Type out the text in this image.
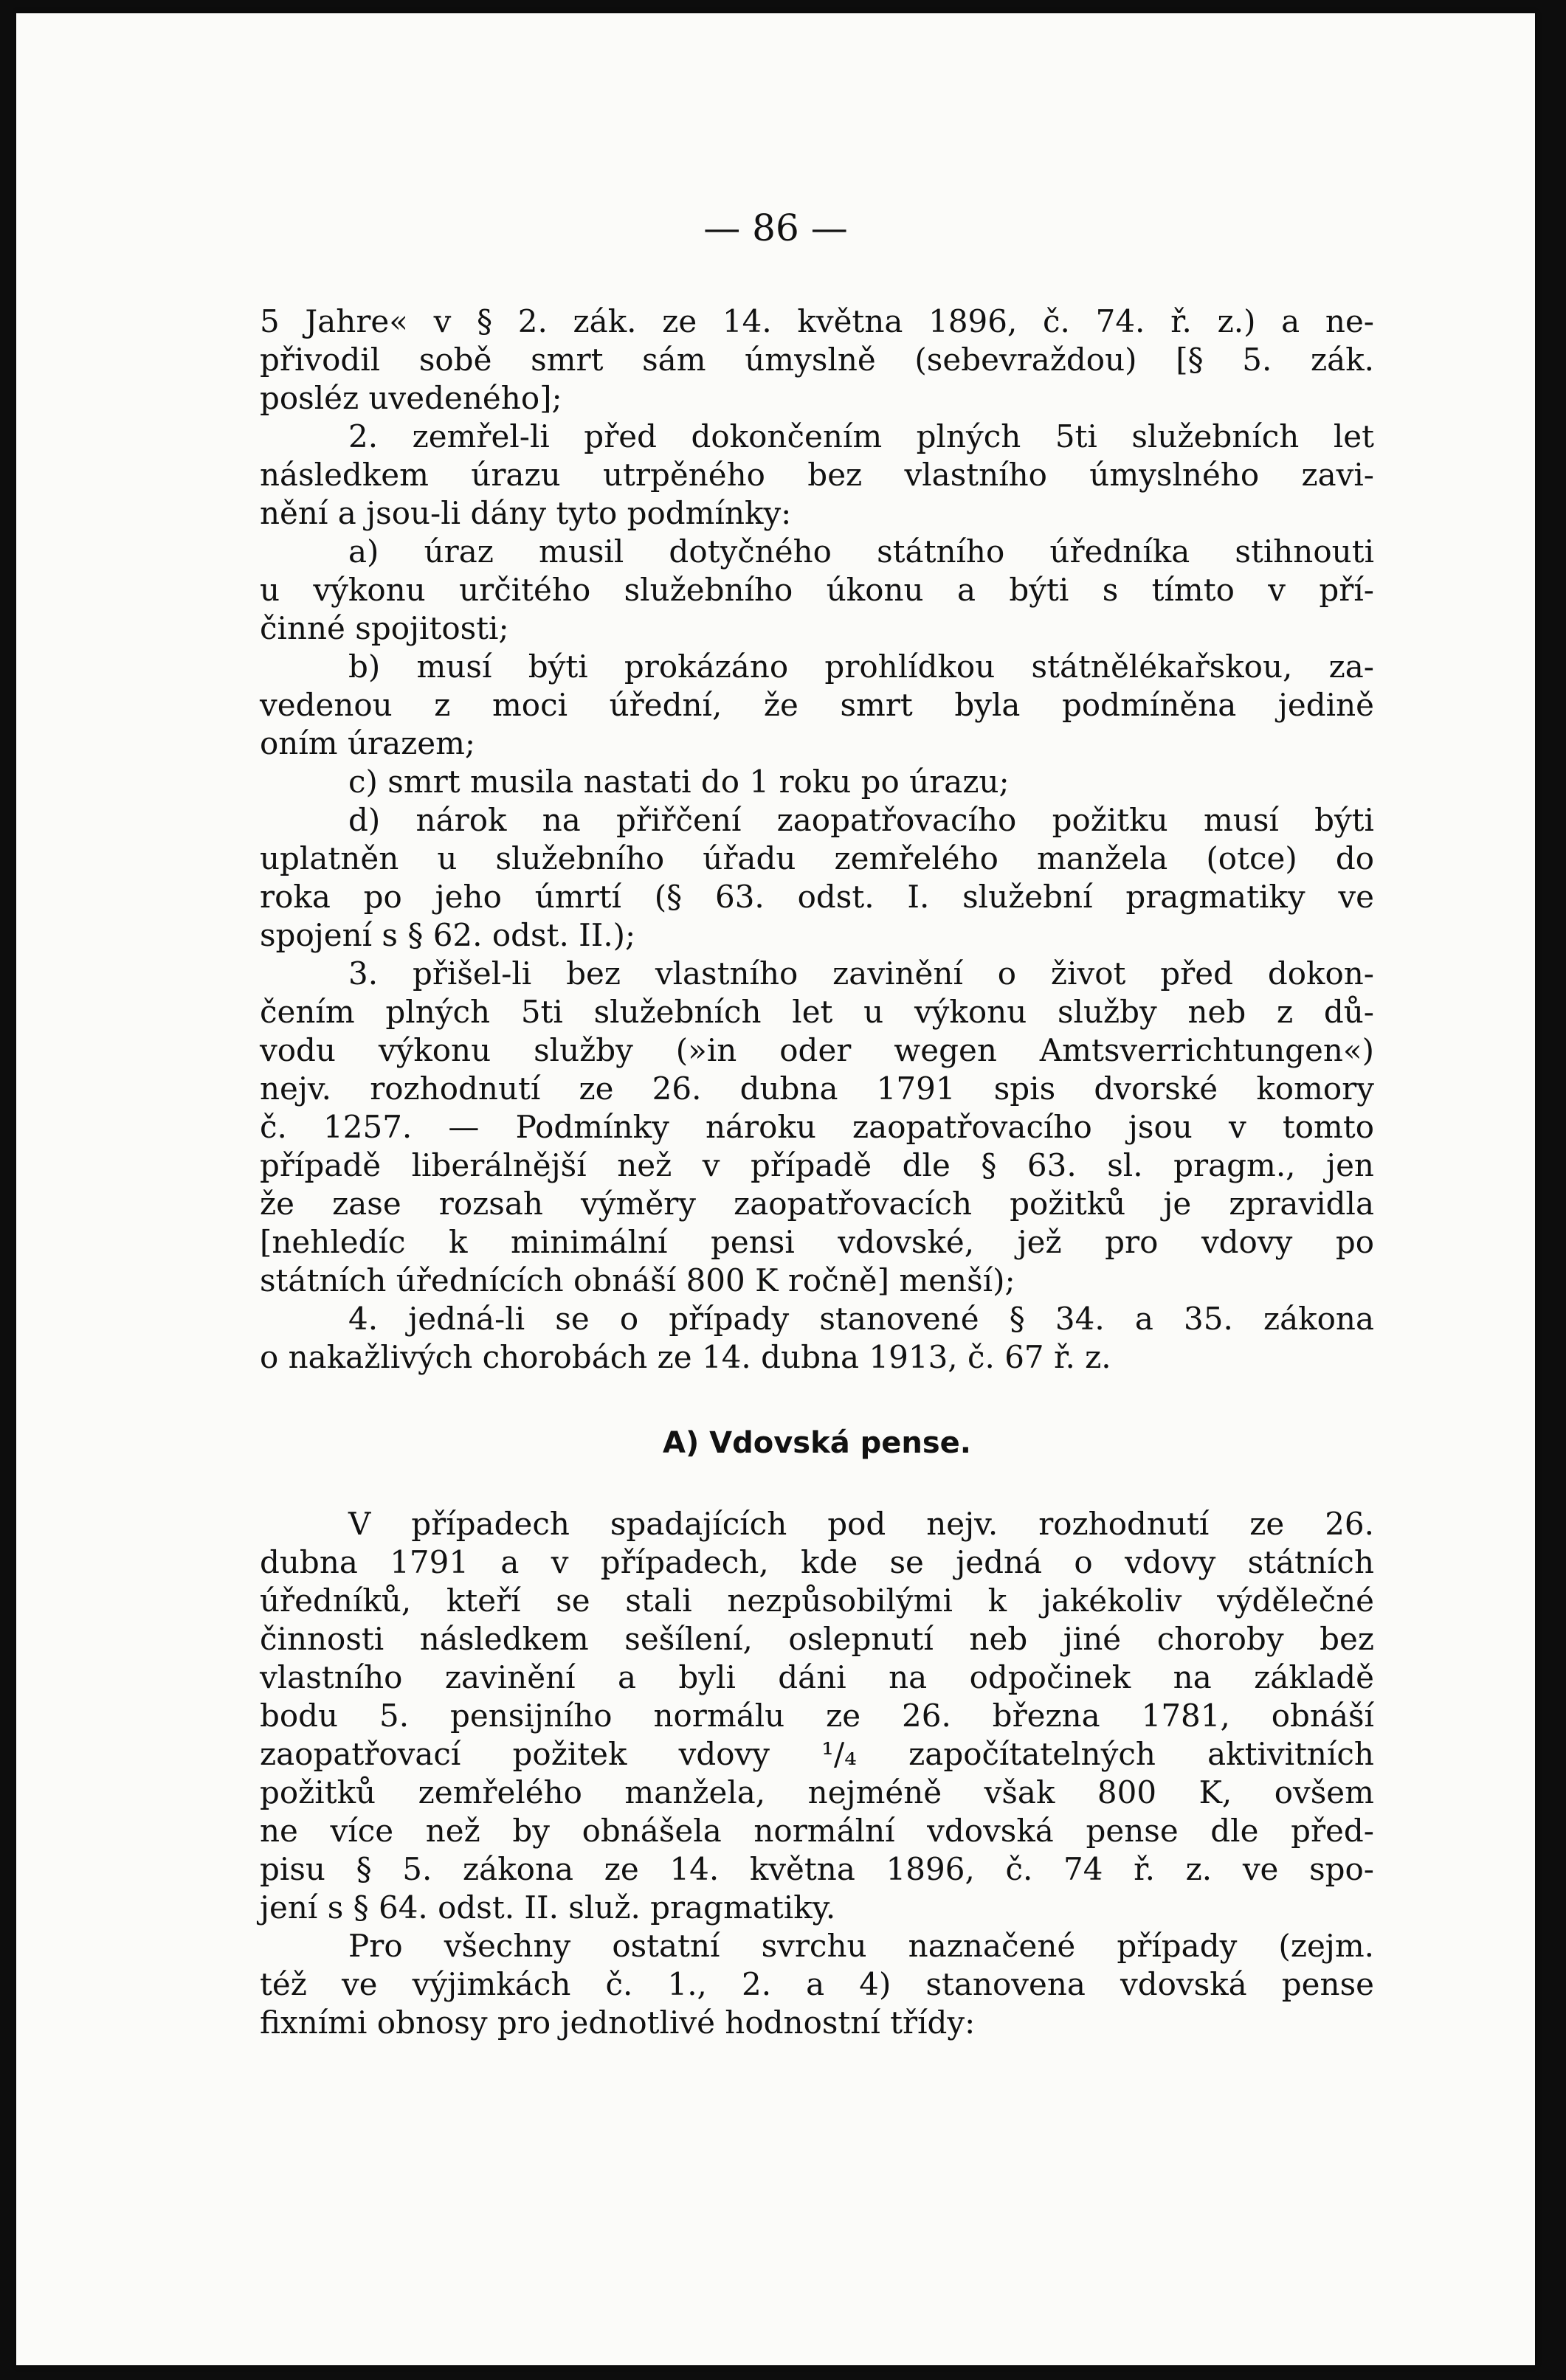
— 86 —
5 Jahre« v § 2. zák. ze 14. května 1896, č. 74. ř. z.) a ne-
přivodil sobě smrt sám úmyslně (sebevraždou) [§ 5. zák.
posléz uvedeného];
2. zemřel-li před dokončením plných 5ti služebních let
následkem úrazu utrpěného bez vlastního úmyslného zavi-
nění a jsou-li dány tyto podmínky:
a) úraz musil dotyčného státního úředníka stihnouti
u výkonu určitého služebního úkonu a býti s tímto v pří-
činné spojitosti;
b) musí býti prokázáno prohlídkou státnělékařskou, za-
vedenou z moci úřední, že smrt byla podmíněna jedině
oním úrazem;
c) smrt musila nastati do 1 roku po úrazu;
d) nárok na přiřčení zaopatřovacího požitku musí býti
uplatněn u služebního úřadu zemřelého manžela (otce) do
roka po jeho úmrtí (§ 63. odst. I. služební pragmatiky ve
spojení s § 62. odst. II.);
3. přišel-li bez vlastního zavinění o život před dokon-
čením plných 5ti služebních let u výkonu služby neb z dů-
vodu výkonu služby (»in oder wegen Amtsverrichtungen«)
nejv. rozhodnutí ze 26. dubna 1791 spis dvorské komory
č. 1257. — Podmínky nároku zaopatřovacího jsou v tomto
případě liberálnější než v případě dle § 63. sl. pragm., jen
že zase rozsah výměry zaopatřovacích požitků je zpravidla
[nehledíc k minimální pensi vdovské, jež pro vdovy po
státních úřednících obnáší 800 K ročně] menší);
4. jedná-li se o případy stanovené § 34. a 35. zákona
o nakažlivých chorobách ze 14. dubna 1913, č. 67 ř. z.
A) Vdovská pense.
V případech spadajících pod nejv. rozhodnutí ze 26.
dubna 1791 a v případech, kde se jedná o vdovy státních
úředníků, kteří se stali nezpůsobilými k jakékoliv výdělečné
činnosti následkem sešílení, oslepnutí neb jiné choroby bez
vlastního zavinění a byli dáni na odpočinek na základě
bodu 5. pensijního normálu ze 26. března 1781, obnáší
zaopatřovací požitek vdovy ¹/₄ započítatelných aktivitních
požitků zemřelého manžela, nejméně však 800 K, ovšem
ne více než by obnášela normální vdovská pense dle před-
pisu § 5. zákona ze 14. května 1896, č. 74 ř. z. ve spo-
jení s § 64. odst. II. služ. pragmatiky.
Pro všechny ostatní svrchu naznačené případy (zejm.
též ve výjimkách č. 1., 2. a 4) stanovena vdovská pense
fixními obnosy pro jednotlivé hodnostní třídy:
